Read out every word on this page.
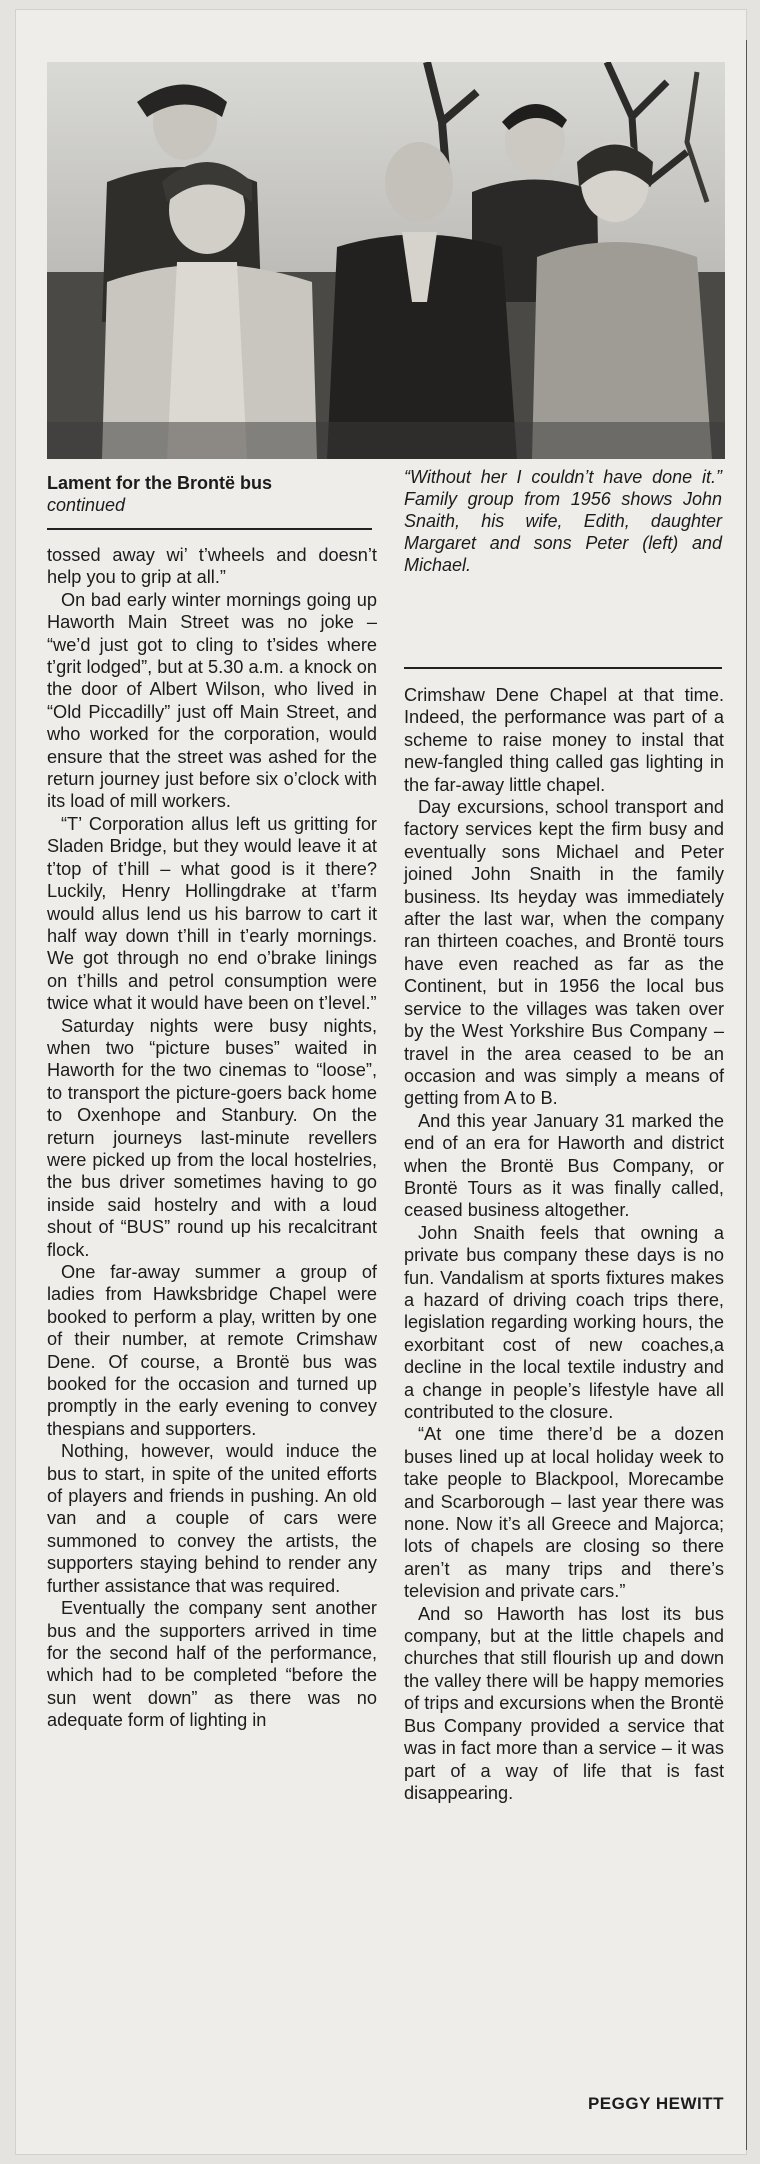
Lament for the Brontë bus
continued
“Without her I couldn’t have done it.” Family group from 1956 shows John Snaith, his wife, Edith, daughter Margaret and sons Peter (left) and Michael.

tossed away wi’ t’wheels and doesn’t help you to grip at all.”

On bad early winter mornings going up Haworth Main Street was no joke – “we’d just got to cling to t’sides where t’grit lodged”, but at 5.30 a.m. a knock on the door of Albert Wilson, who lived in “Old Piccadilly” just off Main Street, and who worked for the corporation, would ensure that the street was ashed for the return journey just before six o’clock with its load of mill workers.

“T’ Corporation allus left us gritting for Sladen Bridge, but they would leave it at t’top of t’hill – what good is it there? Luckily, Henry Hollingdrake at t’farm would allus lend us his barrow to cart it half way down t’hill in t’early mornings. We got through no end o’brake linings on t’hills and petrol consumption were twice what it would have been on t’level.”

Saturday nights were busy nights, when two “picture buses” waited in Haworth for the two cinemas to “loose”, to transport the picture-goers back home to Oxenhope and Stanbury. On the return journeys last-minute revellers were picked up from the local hostelries, the bus driver sometimes having to go inside said hostelry and with a loud shout of “BUS” round up his recalcitrant flock.

One far-away summer a group of ladies from Hawksbridge Chapel were booked to perform a play, written by one of their number, at remote Crimshaw Dene. Of course, a Brontë bus was booked for the occasion and turned up promptly in the early evening to convey thespians and supporters.

Nothing, however, would induce the bus to start, in spite of the united efforts of players and friends in pushing. An old van and a couple of cars were summoned to convey the artists, the supporters staying behind to render any further assistance that was required.

Eventually the company sent another bus and the supporters arrived in time for the second half of the performance, which had to be completed “before the sun went down” as there was no adequate form of lighting in

Crimshaw Dene Chapel at that time. Indeed, the performance was part of a scheme to raise money to instal that new-fangled thing called gas lighting in the far-away little chapel.

Day excursions, school transport and factory services kept the firm busy and eventually sons Michael and Peter joined John Snaith in the family business. Its heyday was immediately after the last war, when the company ran thirteen coaches, and Brontë tours have even reached as far as the Continent, but in 1956 the local bus service to the villages was taken over by the West Yorkshire Bus Company – travel in the area ceased to be an occasion and was simply a means of getting from A to B.

And this year January 31 marked the end of an era for Haworth and district when the Brontë Bus Company, or Brontë Tours as it was finally called, ceased business altogether.

John Snaith feels that owning a private bus company these days is no fun. Vandalism at sports fixtures makes a hazard of driving coach trips there, legislation regarding working hours, the exorbitant cost of new coaches,a decline in the local textile industry and a change in people’s lifestyle have all contributed to the closure.

“At one time there’d be a dozen buses lined up at local holiday week to take people to Blackpool, Morecambe and Scarborough – last year there was none. Now it’s all Greece and Majorca; lots of chapels are closing so there aren’t as many trips and there’s television and private cars.”

And so Haworth has lost its bus company, but at the little chapels and churches that still flourish up and down the valley there will be happy memories of trips and excursions when the Brontë Bus Company provided a service that was in fact more than a service – it was part of a way of life that is fast disappearing.

PEGGY HEWITT
